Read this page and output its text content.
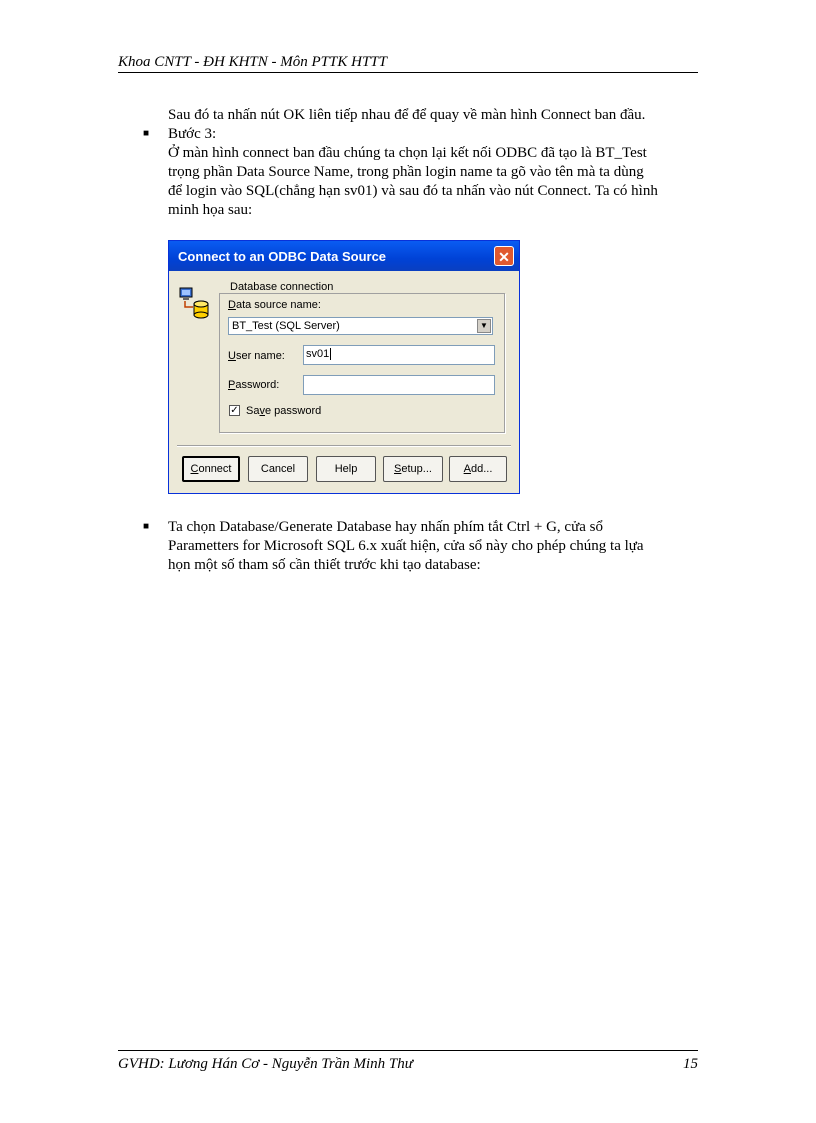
Khoa CNTT - ĐH KHTN - Môn PTTK HTTT
Sau đó ta nhấn nút OK liên tiếp nhau để để quay về màn hình Connect ban đầu.
■ Bước 3:
Ở màn hình connect ban đầu chúng ta chọn lại kết nối ODBC đã tạo là BT_Test
trọng phần Data Source Name, trong phần login name ta gõ vào tên mà ta dùng
để login vào SQL(chẳng hạn sv01) và sau đó ta nhấn vào nút Connect. Ta có hình
minh họa sau:
Connect to an ODBC Data Source	✕
Database connection
Data source name:
BT_Test (SQL Server)	▼
User name: sv01
Password:
✓ Save password
Connect	Cancel	Help	Setup...	Add...
■ Ta chọn Database/Generate Database hay nhấn phím tắt Ctrl + G, cửa sổ
Parametters for Microsoft SQL 6.x xuất hiện, cửa sổ này cho phép chúng ta lựa
họn một số tham số cần thiết trước khi tạo database:
GVHD: Lương Hán Cơ - Nguyễn Trần Minh Thư	15
